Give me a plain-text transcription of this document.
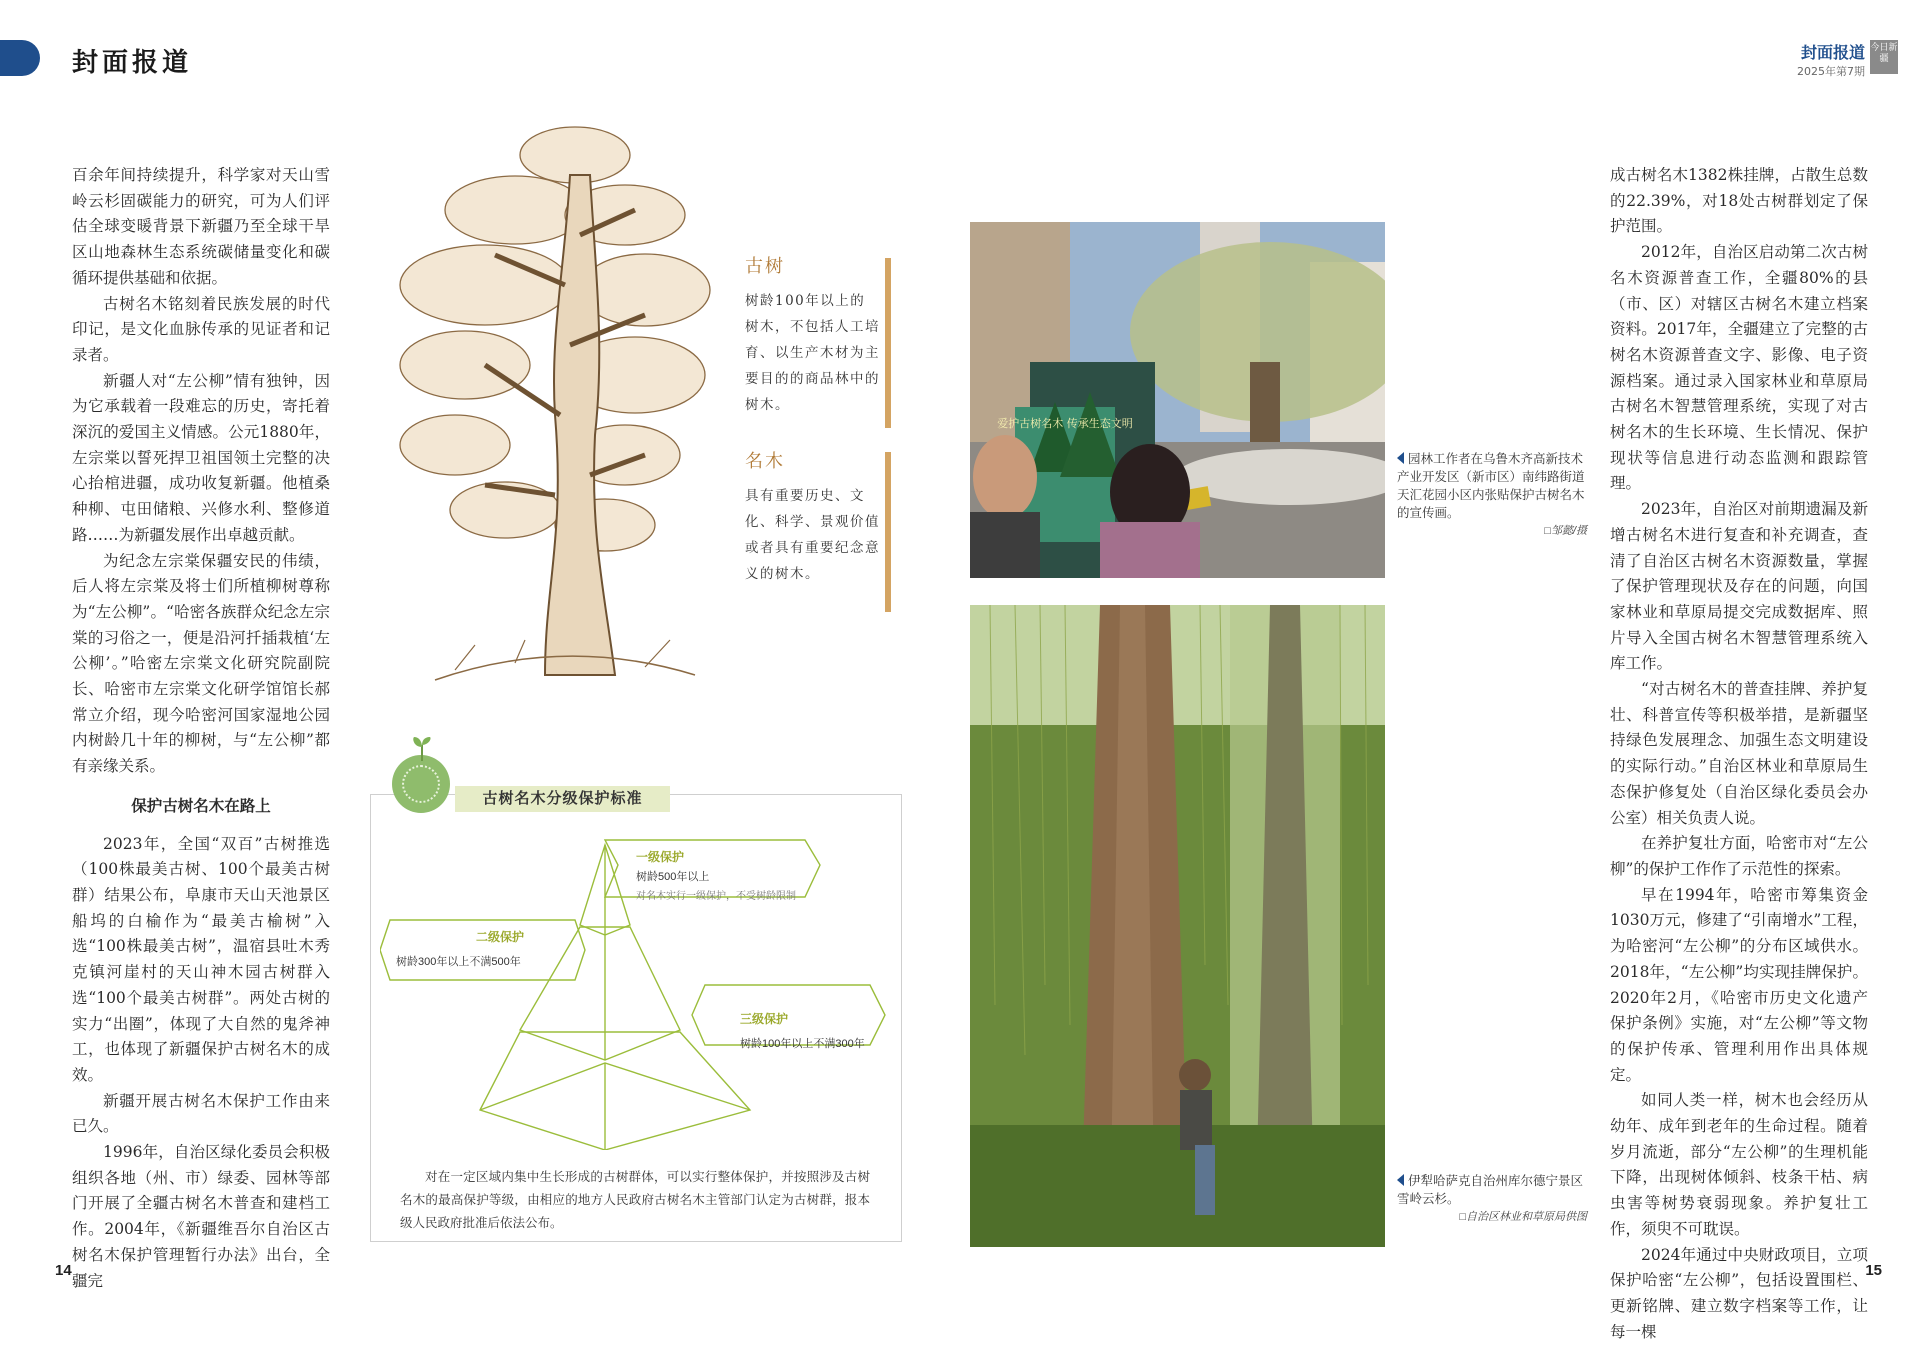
封面报道	封面报道
2025年第7期
今日新疆

百余年间持续提升，科学家对天山雪岭云杉固碳能力的研究，可为人们评估全球变暖背景下新疆乃至全球干旱区山地森林生态系统碳储量变化和碳循环提供基础和依据。

古树名木铭刻着民族发展的时代印记，是文化血脉传承的见证者和记录者。

新疆人对“左公柳”情有独钟，因为它承载着一段难忘的历史，寄托着深沉的爱国主义情感。公元1880年，左宗棠以誓死捍卫祖国领土完整的决心抬棺进疆，成功收复新疆。他植桑种柳、屯田储粮、兴修水利、整修道路……为新疆发展作出卓越贡献。

为纪念左宗棠保疆安民的伟绩，后人将左宗棠及将士们所植柳树尊称为“左公柳”。“哈密各族群众纪念左宗棠的习俗之一，便是沿河扦插栽植‘左公柳’。”哈密左宗棠文化研究院副院长、哈密市左宗棠文化研学馆馆长郝常立介绍，现今哈密河国家湿地公园内树龄几十年的柳树，与“左公柳”都有亲缘关系。

保护古树名木在路上

2023年，全国“双百”古树推选（100株最美古树、100个最美古树群）结果公布，阜康市天山天池景区船坞的白榆作为“最美古榆树”入选“100株最美古树”，温宿县吐木秀克镇河崖村的天山神木园古树群入选“100个最美古树群”。两处古树的实力“出圈”，体现了大自然的鬼斧神工，也体现了新疆保护古树名木的成效。

新疆开展古树名木保护工作由来已久。

1996年，自治区绿化委员会积极组织各地（州、市）绿委、园林等部门开展了全疆古树名木普查和建档工作。2004年，《新疆维吾尔自治区古树名木保护管理暂行办法》出台，全疆完

14
古树
树龄100年以上的树木，不包括人工培育、以生产木材为主要目的的商品林中的树木。
名木
具有重要历史、文化、科学、景观价值或者具有重要纪念意义的树木。
古树名木分级保护标准
一级保护
树龄500年以上
对名木实行一级保护，不受树龄限制
二级保护
树龄300年以上不满500年
三级保护
树龄100年以上不满300年
对在一定区域内集中生长形成的古树群体，可以实行整体保护，并按照涉及古树名木的最高保护等级，由相应的地方人民政府古树名木主管部门认定为古树群，报本级人民政府批准后依法公布。
爱护古树名木 传承生态文明
园林工作者在乌鲁木齐高新技术产业开发区（新市区）南纬路街道天汇花园小区内张贴保护古树名木的宣传画。
□邹懿/摄
伊犁哈萨克自治州库尔德宁景区雪岭云杉。
□自治区林业和草原局供图

成古树名木1382株挂牌，占散生总数的22.39%，对18处古树群划定了保护范围。

2012年，自治区启动第二次古树名木资源普查工作，全疆80%的县（市、区）对辖区古树名木建立档案资料。2017年，全疆建立了完整的古树名木资源普查文字、影像、电子资源档案。通过录入国家林业和草原局古树名木智慧管理系统，实现了对古树名木的生长环境、生长情况、保护现状等信息进行动态监测和跟踪管理。

2023年，自治区对前期遗漏及新增古树名木进行复查和补充调查，查清了自治区古树名木资源数量，掌握了保护管理现状及存在的问题，向国家林业和草原局提交完成数据库、照片导入全国古树名木智慧管理系统入库工作。

“对古树名木的普查挂牌、养护复壮、科普宣传等积极举措，是新疆坚持绿色发展理念、加强生态文明建设的实际行动。”自治区林业和草原局生态保护修复处（自治区绿化委员会办公室）相关负责人说。

在养护复壮方面，哈密市对“左公柳”的保护工作作了示范性的探索。

早在1994年，哈密市筹集资金1030万元，修建了“引南增水”工程，为哈密河“左公柳”的分布区域供水。2018年，“左公柳”均实现挂牌保护。2020年2月，《哈密市历史文化遗产保护条例》实施，对“左公柳”等文物的保护传承、管理利用作出具体规定。

如同人类一样，树木也会经历从幼年、成年到老年的生命过程。随着岁月流逝，部分“左公柳”的生理机能下降，出现树体倾斜、枝条干枯、病虫害等树势衰弱现象。养护复壮工作，须臾不可耽误。

2024年通过中央财政项目，立项保护哈密“左公柳”，包括设置围栏、更新铭牌、建立数字档案等工作，让每一棵

15
